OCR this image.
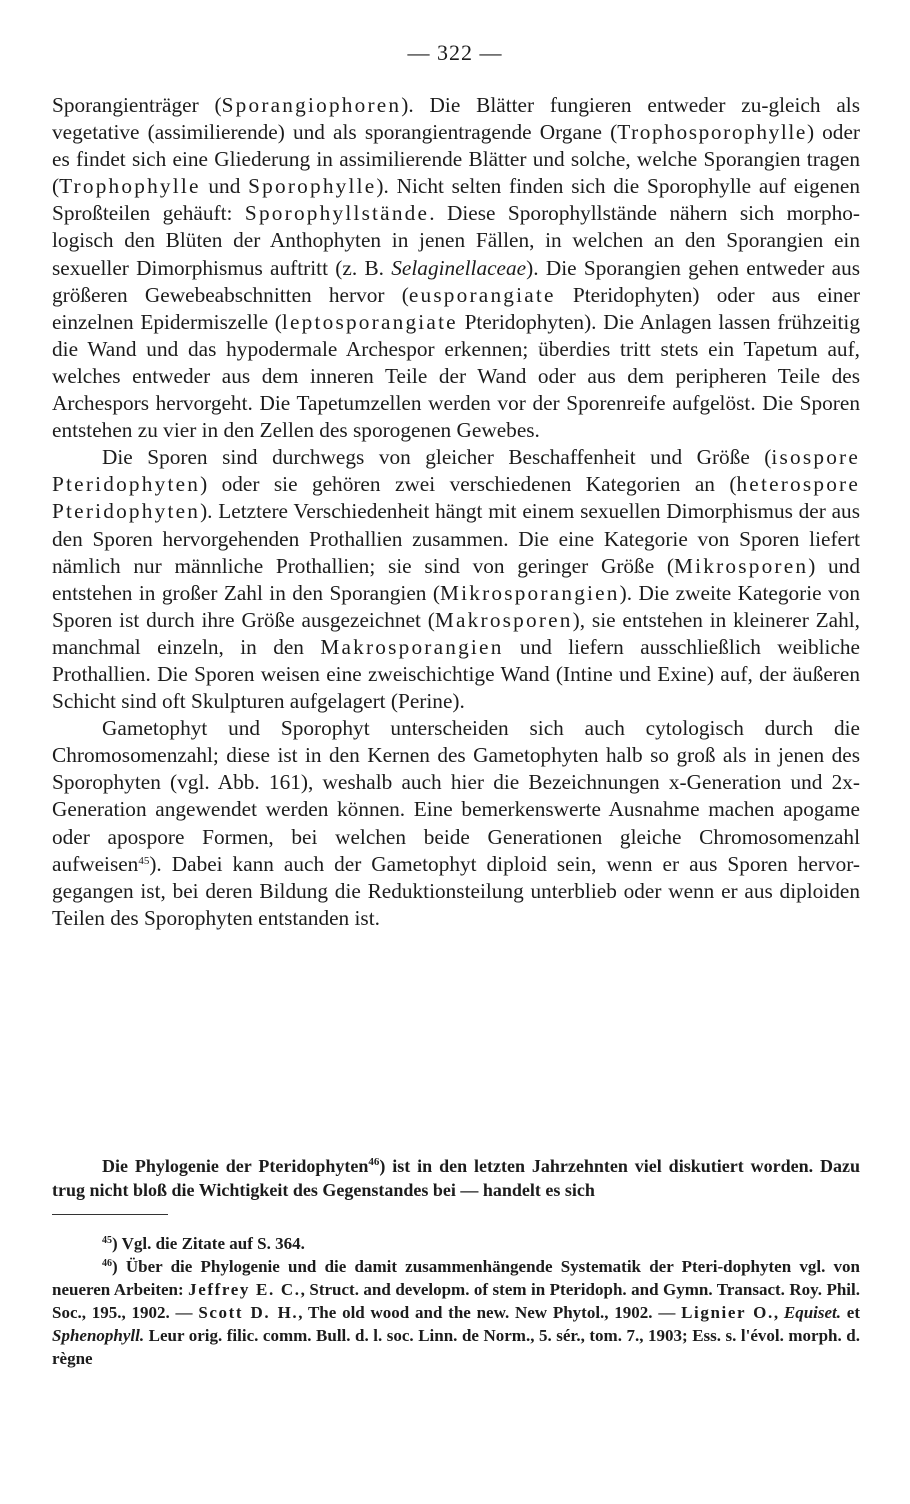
— 322 —

Sporangienträger (Sporangiophoren). Die Blätter fungieren entweder zu-gleich als vegetative (assimilierende) und als sporangientragende Organe (Trophosporophylle) oder es findet sich eine Gliederung in assimilierende Blätter und solche, welche Sporangien tragen (Trophophylle und Sporophylle). Nicht selten finden sich die Sporophylle auf eigenen Sproßteilen gehäuft: Sporophyllstände. Diese Sporophyllstände nähern sich morpho-logisch den Blüten der Anthophyten in jenen Fällen, in welchen an den Sporangien ein sexueller Dimorphismus auftritt (z. B. Selaginellaceae). Die Sporangien gehen entweder aus größeren Gewebeabschnitten hervor (eusporangiate Pteridophyten) oder aus einer einzelnen Epidermiszelle (leptosporangiate Pteridophyten). Die Anlagen lassen frühzeitig die Wand und das hypodermale Archespor erkennen; überdies tritt stets ein Tapetum auf, welches entweder aus dem inneren Teile der Wand oder aus dem peripheren Teile des Archespors hervorgeht. Die Tapetumzellen werden vor der Sporenreife aufgelöst. Die Sporen entstehen zu vier in den Zellen des sporogenen Gewebes.

Die Sporen sind durchwegs von gleicher Beschaffenheit und Größe (isospore Pteridophyten) oder sie gehören zwei verschiedenen Kategorien an (heterospore Pteridophyten). Letztere Verschiedenheit hängt mit einem sexuellen Dimorphismus der aus den Sporen hervorgehenden Prothallien zusammen. Die eine Kategorie von Sporen liefert nämlich nur männliche Prothallien; sie sind von geringer Größe (Mikrosporen) und entstehen in großer Zahl in den Sporangien (Mikrosporangien). Die zweite Kategorie von Sporen ist durch ihre Größe ausgezeichnet (Makrosporen), sie entstehen in kleinerer Zahl, manchmal einzeln, in den Makrosporangien und liefern ausschließlich weibliche Prothallien. Die Sporen weisen eine zweischichtige Wand (Intine und Exine) auf, der äußeren Schicht sind oft Skulpturen aufgelagert (Perine).

Gametophyt und Sporophyt unterscheiden sich auch cytologisch durch die Chromosomenzahl; diese ist in den Kernen des Gametophyten halb so groß als in jenen des Sporophyten (vgl. Abb. 161), weshalb auch hier die Bezeichnungen x-Generation und 2x-Generation angewendet werden können. Eine bemerkenswerte Ausnahme machen apogame oder apospore Formen, bei welchen beide Generationen gleiche Chromosomenzahl aufweisen$^{45}$). Dabei kann auch der Gametophyt diploid sein, wenn er aus Sporen hervor-gegangen ist, bei deren Bildung die Reduktionsteilung unterblieb oder wenn er aus diploiden Teilen des Sporophyten entstanden ist.

Die Phylogenie der Pteridophyten$^{46}$) ist in den letzten Jahrzehnten viel diskutiert worden. Dazu trug nicht bloß die Wichtigkeit des Gegenstandes bei — handelt es sich

$^{45}$) Vgl. die Zitate auf S. 364.

$^{46}$) Über die Phylogenie und die damit zusammenhängende Systematik der Pteri-dophyten vgl. von neueren Arbeiten: Jeffrey E. C., Struct. and developm. of stem in Pteridoph. and Gymn. Transact. Roy. Phil. Soc., 195., 1902. — Scott D. H., The old wood and the new. New Phytol., 1902. — Lignier O., Equiset. et Sphenophyll. Leur orig. filic. comm. Bull. d. l. soc. Linn. de Norm., 5. sér., tom. 7., 1903; Ess. s. l'évol. morph. d. règne
